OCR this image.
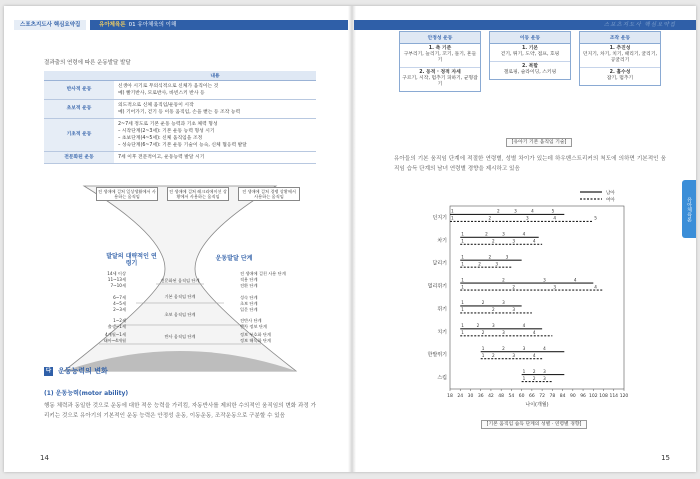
스포츠지도사 핵심요약집	유아체육론 01 유아체육의 이해
결과출의 연령에 따른 운동발달 발달
	내용
반사적 운동	신생아 시기로 무의식적으로 신체가 움직이는 것
예) 빨기반사, 모로반사, 바빈스키 반사 등

초보적 운동	의도적으로 신체 움직임/운동이 시작
예) 기어가기, 걷기 등 이동 움직임, 손을 뻗는 등 조작 능력

기초적 운동	2~7세 정도로 기본 운동 능력과 기초 체력 형성
– 시작단계(2~3세): 기본 운동 능력 형성 시기
– 초보단계(4~5세): 신체 움직임을 조정
– 성숙단계(6~7세): 기본 운동 기술이 능숙, 신체 협응력 발달

전문화된 운동	7세 이후 전문적이고, 운동능력 발달 시기
전 생애에 걸쳐 일상생활에서 사용하는 움직임
전 생애에 걸쳐 레크리에이션 상황에서 사용하는 움직임
전 생애에 걸쳐 경쟁 상황에서 사용하는 움직임
발달의 대략적인 연령기
운동발달 단계
14세 이상
11~13세
7~10세
6~7세
4~5세
2~3세
1~2세
출생~1세
4개월~1세
태아~4개월
전 생애에 걸친 사용 단계
적용 단계
전환 단계
성숙 단계
초보 단계
입문 단계
전반사 단계
반사 정보 단계
정보 부호화 단계
정보 해독화 단계
전문화된 움직임 단계
기본 움직임 단계
초보 움직임 단계
반사 움직임 단계
다 운동능력의 변화
(1) 운동능력(motor ability)
행동 체력과 동일한 것으로 운동에 대한 적응 능력을 가리킴, 자동반사를 제외한 수의적인 움직임의 변화 과정 가리키는 것으로 유아기의 기본적인 운동 능력은 안정성 운동, 이동운동, 조작운동으로 구분할 수 있음
14
스포츠지도사 핵심요약집
안정성 운동
1. 축 기준
구부리기, 늘리기, 꼬기, 돌기, 흔들기
2. 동적 · 정적 자세
구르기, 시작, 멈추기 피하기, 균형잡기
이동 운동
1. 기본
걷기, 뛰기, 도약, 점프, 호핑
2. 복합
갤로핑, 슬라이딩, 스키핑
조작 운동
1. 추진성
던지기, 차기, 치기, 때리기, 굴리기, 공굴리기
2. 흡수성
잡기, 멈추기
[유아기 기본 움직임 기술]
유아들의 기본 움직임 단계에 적절한 연령별, 성별 차이가 있는데 하우벤스트리커의 척도에 의하면 기본적인 움직임 습득 단계의 남녀 연령별 경향을 제시하고 있음
18 24 30 36 42 48 54 60 66 72 78 84 90 96 102 108 114 120
나이(개월)
남아
여아
던지기
1	2	3	4	5
1	2	3	4	5
차기
1	2	3	4
1	2	3	4
달리기
1	2	3
1	2	3
멀리뛰기
1	2	3	4
1	2	3	4
뛰기
1	2	3
1	2	3
치기
1	2	3	4
1	2	3	4
한발뛰기
1	2	3	4
1 2	3	4
스킵
1 2 3
1 2 3
[기본 움직임 습득 단계의 성별 · 연령별 경향]
유아체육론
15
